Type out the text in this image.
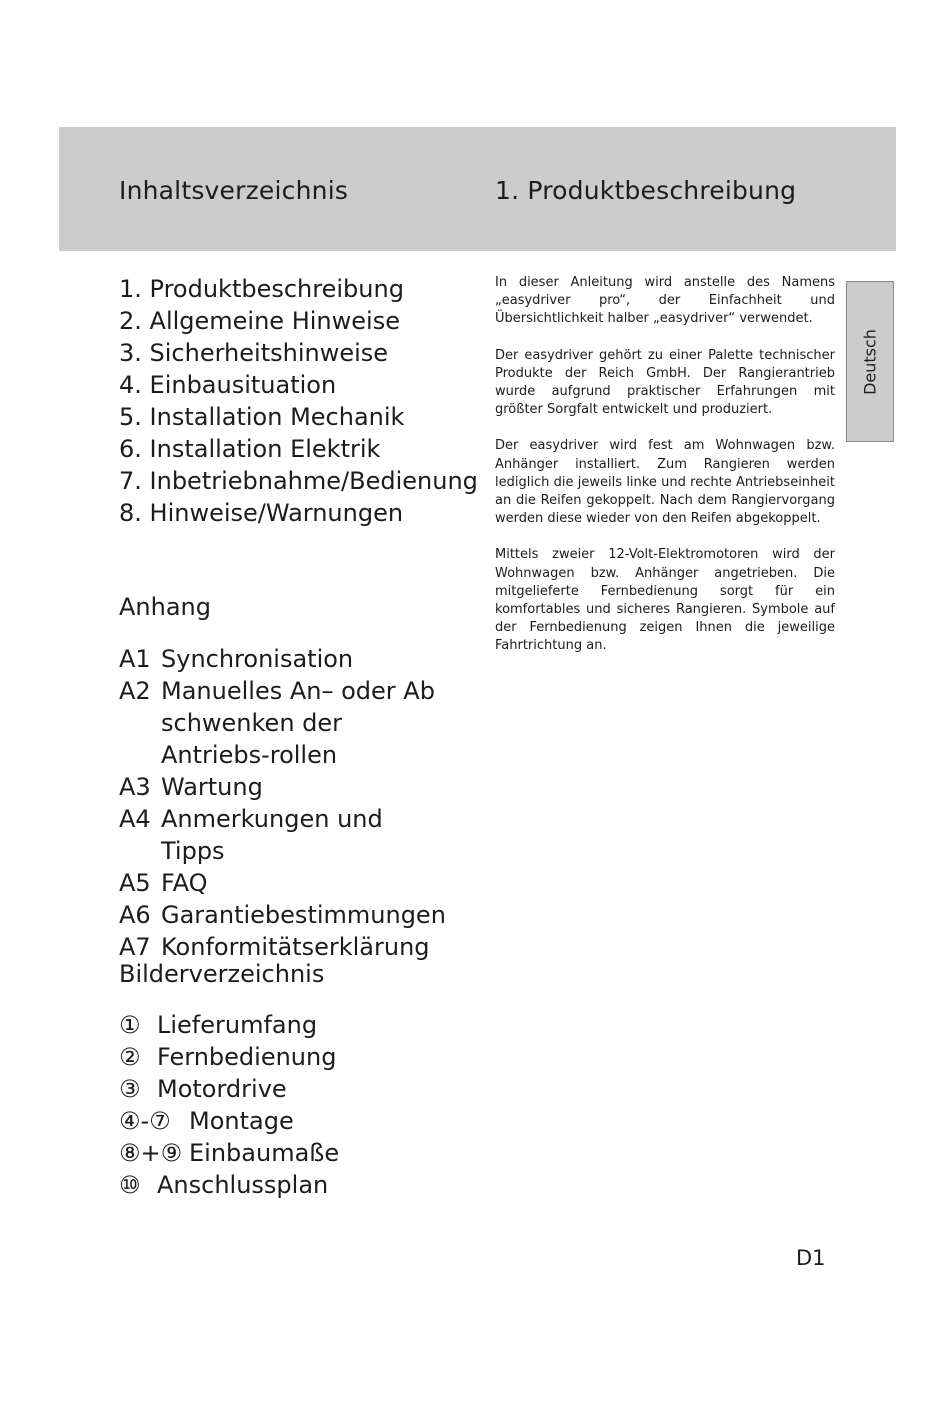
Inhaltsverzeichnis	1. Produktbeschreibung
1. Produktbeschreibung
2. Allgemeine Hinweise
3. Sicherheitshinweise
4. Einbausituation
5. Installation Mechanik
6. Installation Elektrik
7. Inbetriebnahme/Bedienung
8. Hinweise/Warnungen
Anhang
A1 Synchronisation
A2 Manuelles An– oder Ab schwenken der Antriebs-rollen
A3 Wartung
A4 Anmerkungen und Tipps
A5 FAQ
A6 Garantiebestimmungen
A7 Konformitätserklärung
Bilderverzeichnis
① Lieferumfang
② Fernbedienung
③ Motordrive
④-⑦ Montage
⑧+⑨ Einbaumaße
⑩ Anschlussplan

In dieser Anleitung wird anstelle des Namens „easydriver pro“, der Einfachheit und Übersichtlichkeit halber „easydriver“ verwendet.

Der easydriver gehört zu einer Palette technischer Produkte der Reich GmbH. Der Rangierantrieb wurde aufgrund praktischer Erfahrungen mit größter Sorgfalt entwickelt und produziert.

Der easydriver wird fest am Wohnwagen bzw. Anhänger installiert. Zum Rangieren werden lediglich die jeweils linke und rechte Antriebseinheit an die Reifen gekoppelt. Nach dem Rangiervorgang werden diese wieder von den Reifen abgekoppelt.

Mittels zweier 12-Volt-Elektromotoren wird der Wohnwagen bzw. Anhänger angetrieben. Die mitgelieferte Fernbedienung sorgt für ein komfortables und sicheres Rangieren. Symbole auf der Fernbedienung zeigen Ihnen die jeweilige Fahrtrichtung an.

Deutsch
D1
